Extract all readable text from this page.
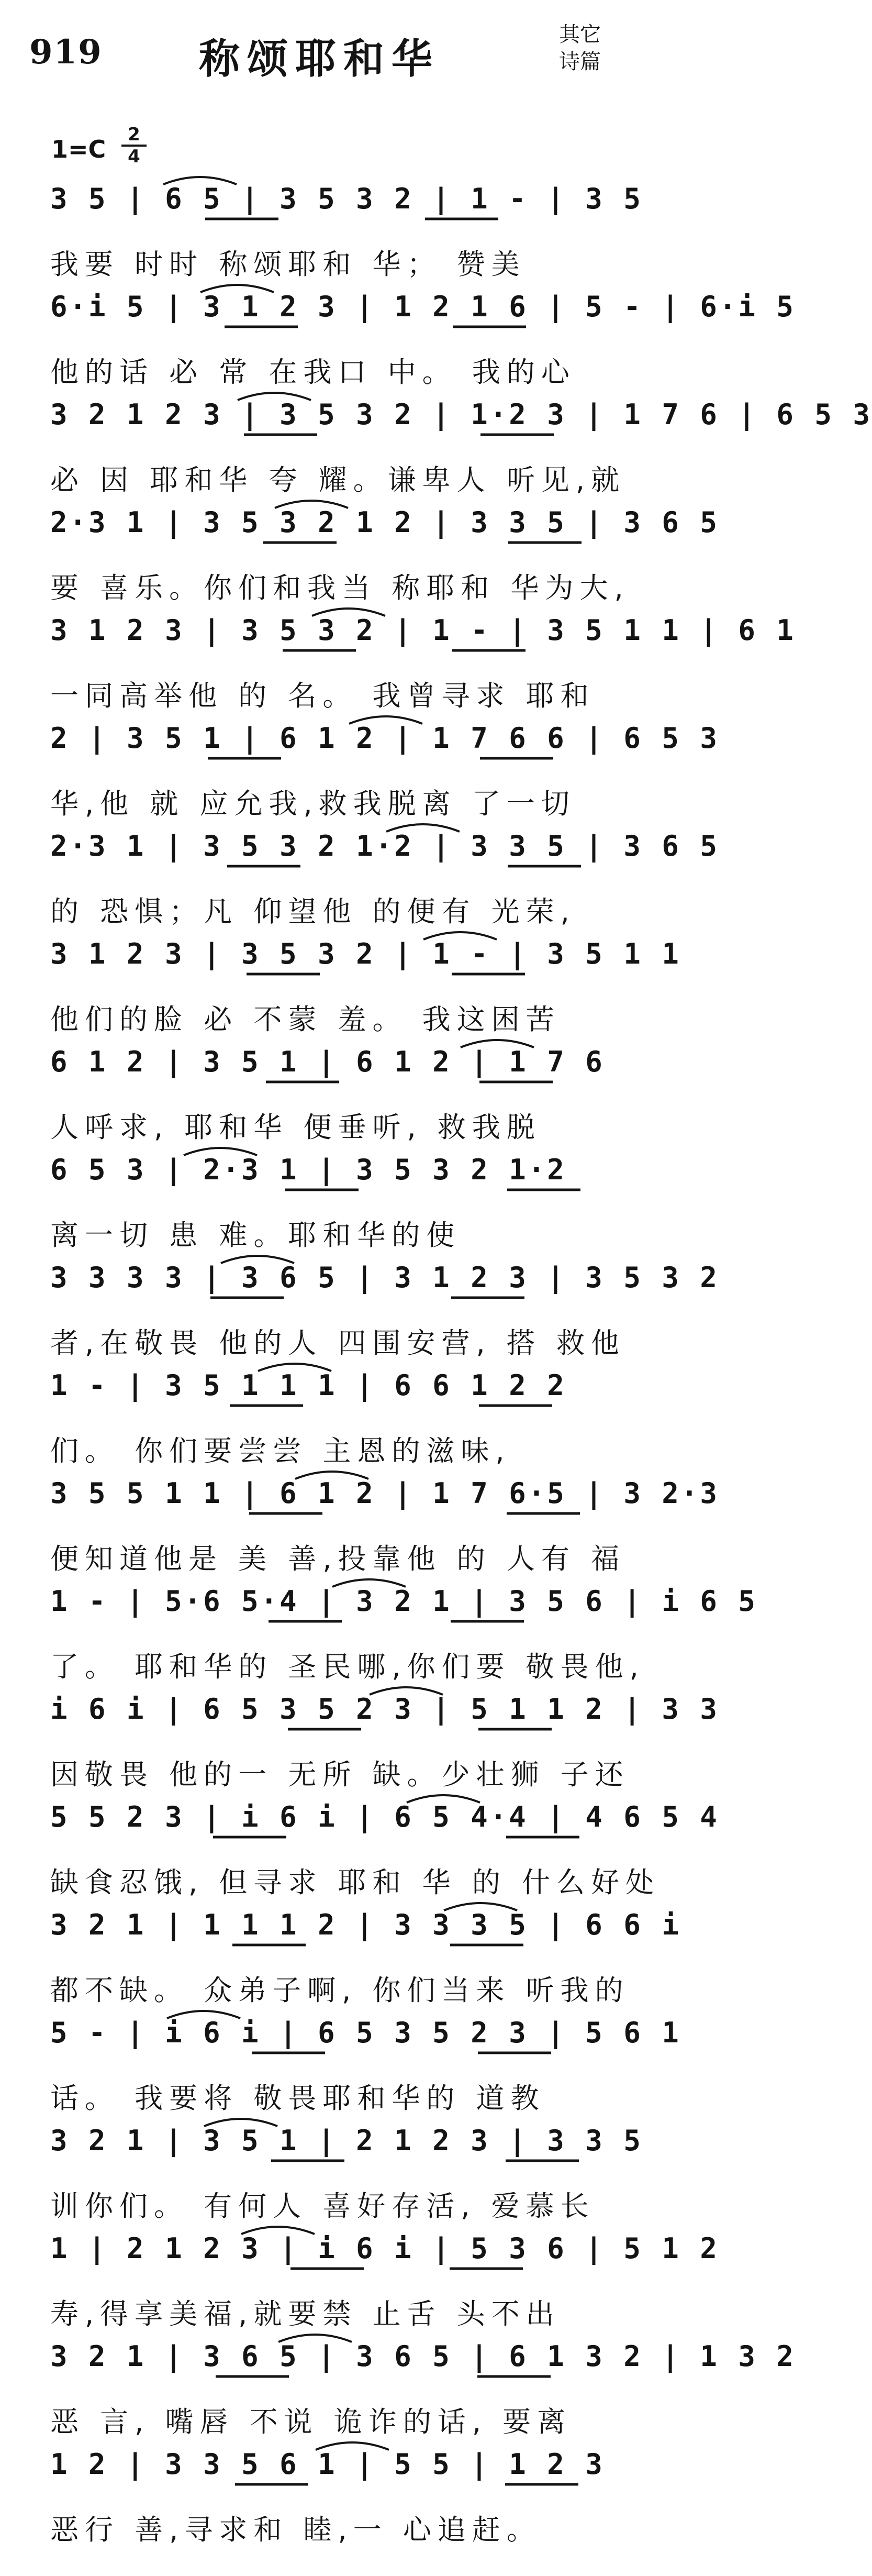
919 称颂耶和华
其它
诗篇
$1=C \frac{2}{4}$
3 5 | 6 5 | 3 5 3 2 | 1 - | 3 5
我要 时时 称颂耶和 华； 赞美
6·i 5 | 3 1 2 3 | 1 2 1 6 | 5 - | 6·i 5
他的话 必 常 在我口 中。 我的心
3 2 1 2 3 | 3 5 3 2 | 1·2 3 | 1 7 6 | 6 5 3
必 因 耶和华 夸 耀。谦卑人 听见,就
2·3 1 | 3 5 3 2 1 2 | 3 3 5 | 3 6 5
要 喜乐。你们和我当 称耶和 华为大,
3 1 2 3 | 3 5 3 2 | 1 - | 3 5 1 1 | 6 1
一同高举他 的 名。 我曾寻求 耶和
2 | 3 5 1 | 6 1 2 | 1 7 6 6 | 6 5 3
华,他 就 应允我,救我脱离 了一切
2·3 1 | 3 5 3 2 1·2 | 3 3 5 | 3 6 5
的 恐惧；凡 仰望他 的便有 光荣,
3 1 2 3 | 3 5 3 2 | 1 - | 3 5 1 1
他们的脸 必 不蒙 羞。 我这困苦
6 1 2 | 3 5 1 | 6 1 2 | 1 7 6
人呼求, 耶和华 便垂听, 救我脱
6 5 3 | 2·3 1 | 3 5 3 2 1·2
离一切 患 难。耶和华的使
3 3 3 3 | 3 6 5 | 3 1 2 3 | 3 5 3 2
者,在敬畏 他的人 四围安营, 搭 救他
1 - | 3 5 1 1 1 | 6 6 1 2 2
们。 你们要尝尝 主恩的滋味,
3 5 5 1 1 | 6 1 2 | 1 7 6·5 | 3 2·3
便知道他是 美 善,投靠他 的 人有 福
1 - | 5·6 5·4 | 3 2 1 | 3 5 6 | i 6 5
了。 耶和华的 圣民哪,你们要 敬畏他,
i 6 i | 6 5 3 5 2 3 | 5 1 1 2 | 3 3
因敬畏 他的一 无所 缺。少壮狮 子还
5 5 2 3 | i 6 i | 6 5 4·4 | 4 6 5 4
缺食忍饿, 但寻求 耶和 华 的 什么好处
3 2 1 | 1 1 1 2 | 3 3 3 5 | 6 6 i
都不缺。 众弟子啊, 你们当来 听我的
5 - | i 6 i | 6 5 3 5 2 3 | 5 6 1
话。 我要将 敬畏耶和华的 道教
3 2 1 | 3 5 1 | 2 1 2 3 | 3 3 5
训你们。 有何人 喜好存活, 爱慕长
1 | 2 1 2 3 | i 6 i | 5 3 6 | 5 1 2
寿,得享美福,就要禁 止舌 头不出
3 2 1 | 3 6 5 | 3 6 5 | 6 1 3 2 | 1 3 2
恶 言, 嘴唇 不说 诡诈的话, 要离
1 2 | 3 3 5 6 1 | 5 5 | 1 2 3
恶行 善,寻求和 睦,一 心追赶。
